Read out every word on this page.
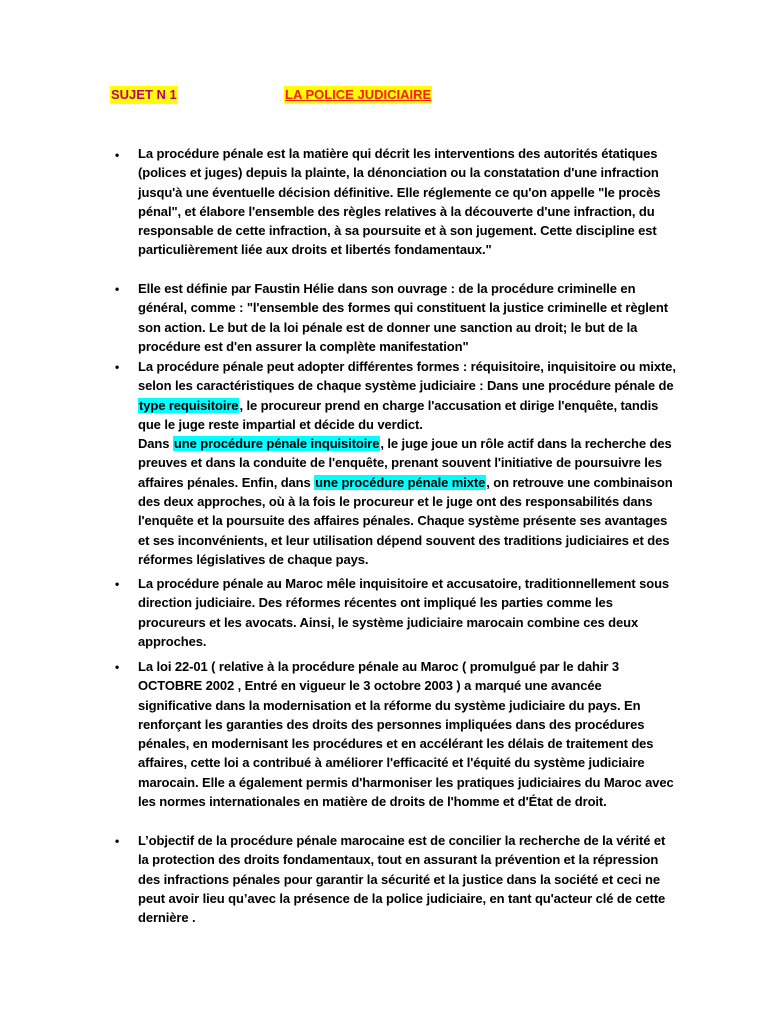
SUJET N 1	LA POLICE JUDICIAIRE
• La procédure pénale est la matière qui décrit les interventions des autorités étatiques (polices et juges) depuis la plainte, la dénonciation ou la constatation d'une infraction jusqu'à une éventuelle décision définitive. Elle réglemente ce qu'on appelle "le procès pénal", et élabore l'ensemble des règles relatives à la découverte d'une infraction, du responsable de cette infraction, à sa poursuite et à son jugement. Cette discipline est particulièrement liée aux droits et libertés fondamentaux."

• Elle est définie par Faustin Hélie dans son ouvrage : de la procédure criminelle en général, comme : "l'ensemble des formes qui constituent la justice criminelle et règlent son action. Le but de la loi pénale est de donner une sanction au droit; le but de la procédure est d'en assurer la complète manifestation"

• La procédure pénale peut adopter différentes formes : réquisitoire, inquisitoire ou mixte, selon les caractéristiques de chaque système judiciaire : Dans une procédure pénale de type requisitoire, le procureur prend en charge l'accusation et dirige l'enquête, tandis que le juge reste impartial et décide du verdict.

Dans une procédure pénale inquisitoire, le juge joue un rôle actif dans la recherche des preuves et dans la conduite de l'enquête, prenant souvent l'initiative de poursuivre les affaires pénales. Enfin, dans une procédure pénale mixte, on retrouve une combinaison des deux approches, où à la fois le procureur et le juge ont des responsabilités dans l'enquête et la poursuite des affaires pénales. Chaque système présente ses avantages et ses inconvénients, et leur utilisation dépend souvent des traditions judiciaires et des réformes législatives de chaque pays.

• La procédure pénale au Maroc mêle inquisitoire et accusatoire, traditionnellement sous direction judiciaire. Des réformes récentes ont impliqué les parties comme les procureurs et les avocats. Ainsi, le système judiciaire marocain combine ces deux approches.

• La loi 22-01 ( relative à la procédure pénale au Maroc ( promulgué par le dahir 3 OCTOBRE 2002 , Entré en vigueur le 3 octobre 2003 ) a marqué une avancée significative dans la modernisation et la réforme du système judiciaire du pays. En renforçant les garanties des droits des personnes impliquées dans des procédures pénales, en modernisant les procédures et en accélérant les délais de traitement des affaires, cette loi a contribué à améliorer l'efficacité et l'équité du système judiciaire marocain. Elle a également permis d'harmoniser les pratiques judiciaires du Maroc avec les normes internationales en matière de droits de l'homme et d'État de droit.

• L’objectif de la procédure pénale marocaine est de concilier la recherche de la vérité et la protection des droits fondamentaux, tout en assurant la prévention et la répression des infractions pénales pour garantir la sécurité et la justice dans la société et ceci ne peut avoir lieu qu’avec la présence de la police judiciaire, en tant qu'acteur clé de cette dernière .
